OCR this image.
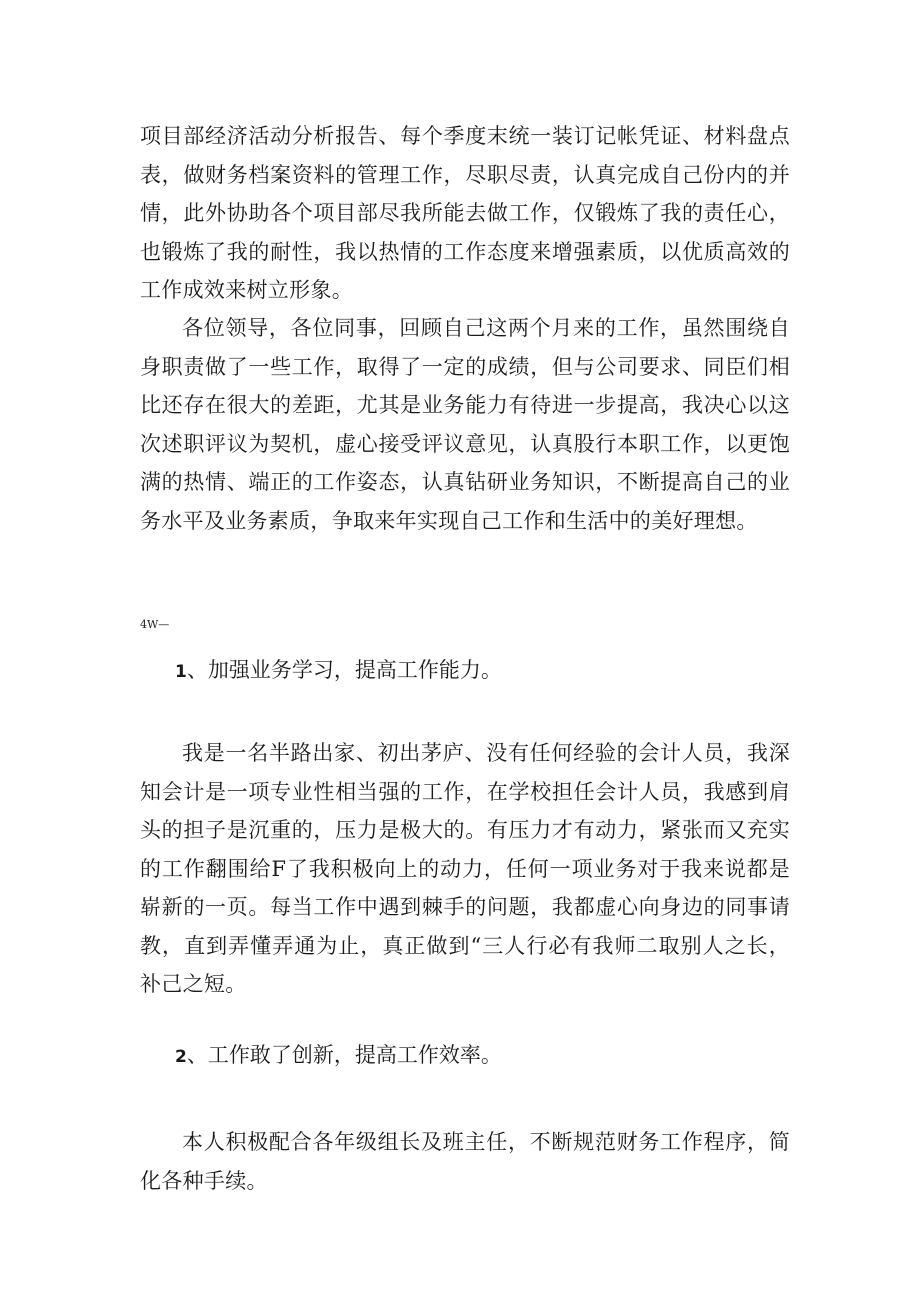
项目部经济活动分析报告、每个季度末统一装订记帐凭证、材料盘点表，做财务档案资料的管理工作，尽职尽责，认真完成自己份内的并情，此外协助各个项目部尽我所能去做工作，仅锻炼了我的责任心，也锻炼了我的耐性，我以热情的工作态度来增强素质，以优质高效的工作成效来树立形象。

各位领导，各位同事，回顾自己这两个月来的工作，虽然围绕自身职责做了一些工作，取得了一定的成绩，但与公司要求、同臣们相比还存在很大的差距，尤其是业务能力有待进一步提高，我决心以这次述职评议为契机，虚心接受评议意见，认真股行本职工作，以更饱满的热情、端正的工作姿态，认真钻研业务知识，不断提高自己的业务水平及业务素质，争取来年实现自己工作和生活中的美好理想。

4W—

1、加强业务学习，提高工作能力。

我是一名半路出家、初出茅庐、没有任何经验的会计人员，我深知会计是一项专业性相当强的工作，在学校担任会计人员，我感到肩头的担子是沉重的，压力是极大的。有压力才有动力，紧张而又充实的工作翻围给F了我积极向上的动力，任何一项业务对于我来说都是崭新的一页。每当工作中遇到棘手的问题，我都虚心向身边的同事请教，直到弄懂弄通为止，真正做到“三人行必有我师二取别人之长，补己之短。

2、工作敢了创新，提高工作效率。

本人积极配合各年级组长及班主任，不断规范财务工作程序，简化各种手续。
